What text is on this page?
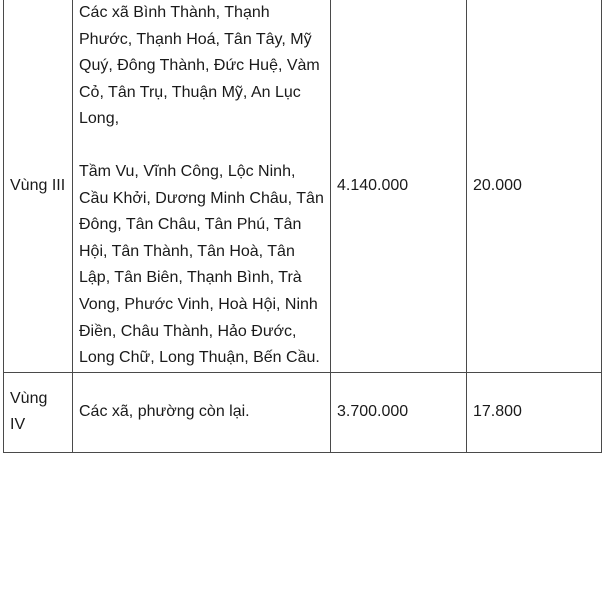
Vùng III	Các xã Bình Thành, Thạnh Phước, Thạnh Hoá, Tân Tây, Mỹ Quý, Đông Thành, Đức Huệ, Vàm Cỏ, Tân Trụ, Thuận Mỹ, An Lục Long,

Tầm Vu, Vĩnh Công, Lộc Ninh, Cầu Khởi, Dương Minh Châu, Tân Đông, Tân Châu, Tân Phú, Tân Hội, Tân Thành, Tân Hoà, Tân Lập, Tân Biên, Thạnh Bình, Trà Vong, Phước Vinh, Hoà Hội, Ninh Điền, Châu Thành, Hảo Đước, Long Chữ, Long Thuận, Bến Cầu.	4.140.000	20.000
Vùng IV	Các xã, phường còn lại.	3.700.000	17.800
